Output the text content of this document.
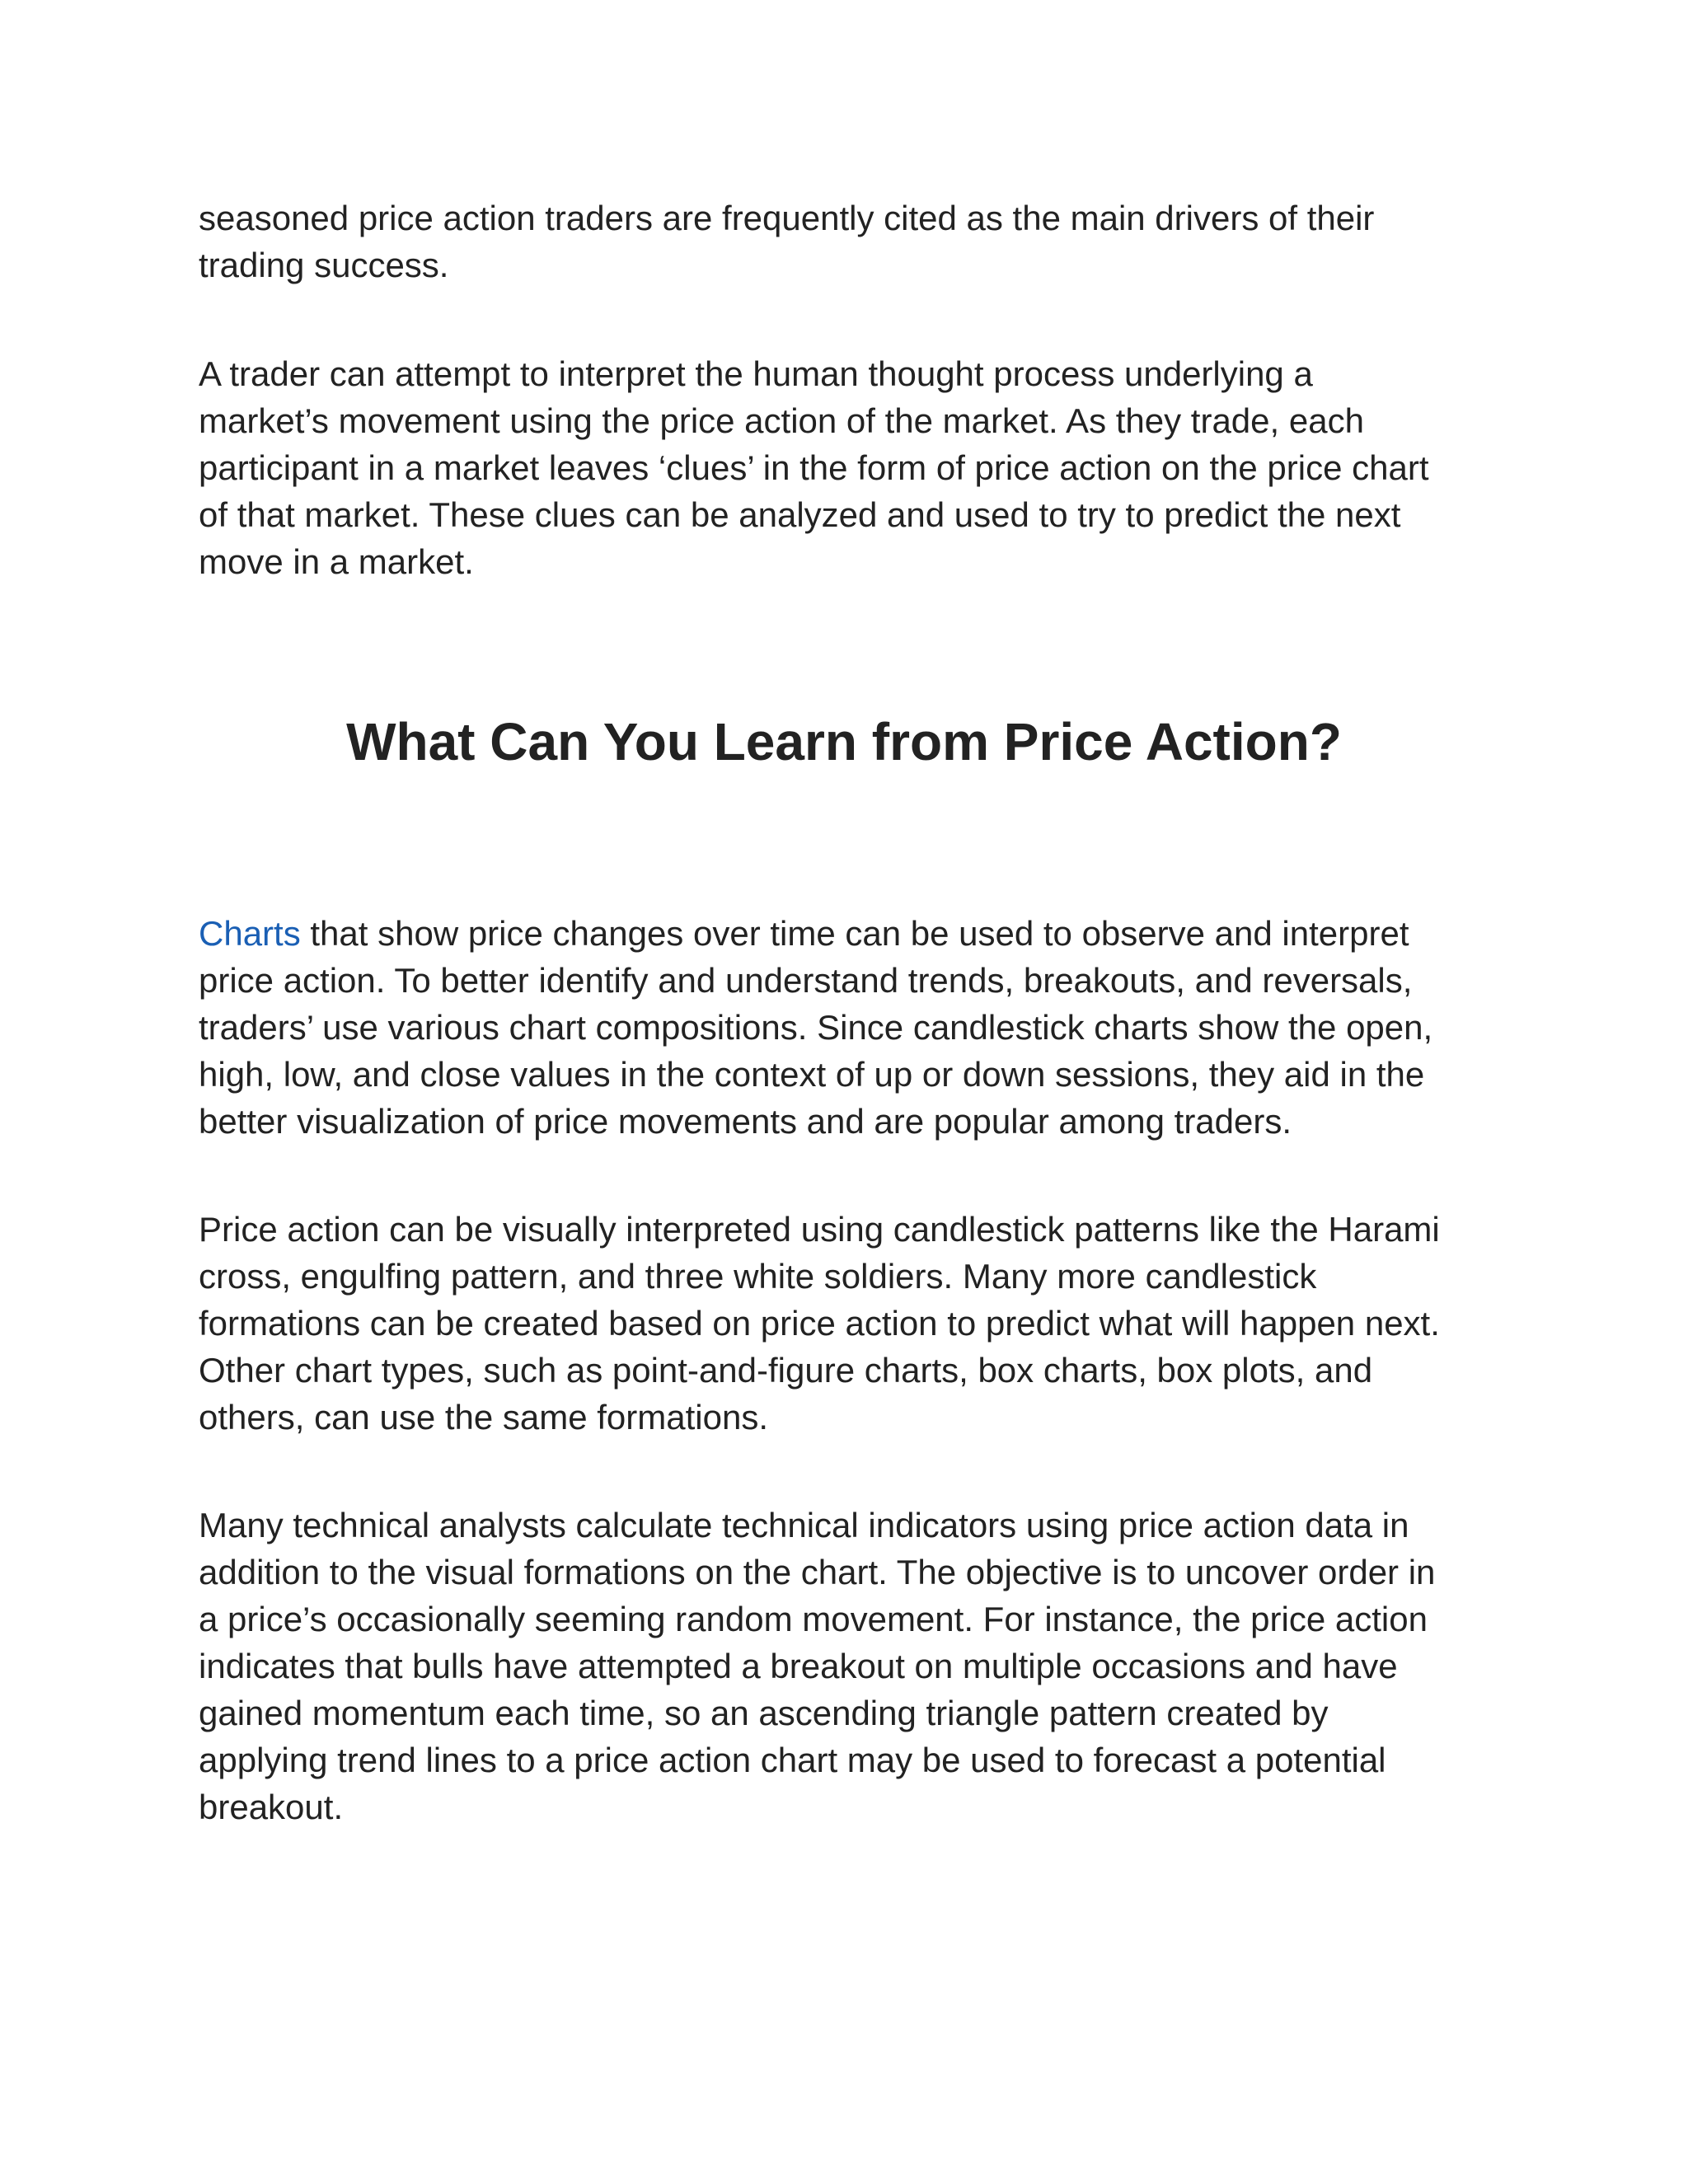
seasoned price action traders are frequently cited as the main drivers of their
trading success.

A trader can attempt to interpret the human thought process underlying a
market’s movement using the price action of the market. As they trade, each
participant in a market leaves ‘clues’ in the form of price action on the price chart
of that market. These clues can be analyzed and used to try to predict the next
move in a market.

What Can You Learn from Price Action?

Charts that show price changes over time can be used to observe and interpret
price action. To better identify and understand trends, breakouts, and reversals,
traders’ use various chart compositions. Since candlestick charts show the open,
high, low, and close values in the context of up or down sessions, they aid in the
better visualization of price movements and are popular among traders.

Price action can be visually interpreted using candlestick patterns like the Harami
cross, engulfing pattern, and three white soldiers. Many more candlestick
formations can be created based on price action to predict what will happen next.
Other chart types, such as point-and-figure charts, box charts, box plots, and
others, can use the same formations.

Many technical analysts calculate technical indicators using price action data in
addition to the visual formations on the chart. The objective is to uncover order in
a price’s occasionally seeming random movement. For instance, the price action
indicates that bulls have attempted a breakout on multiple occasions and have
gained momentum each time, so an ascending triangle pattern created by
applying trend lines to a price action chart may be used to forecast a potential
breakout.
